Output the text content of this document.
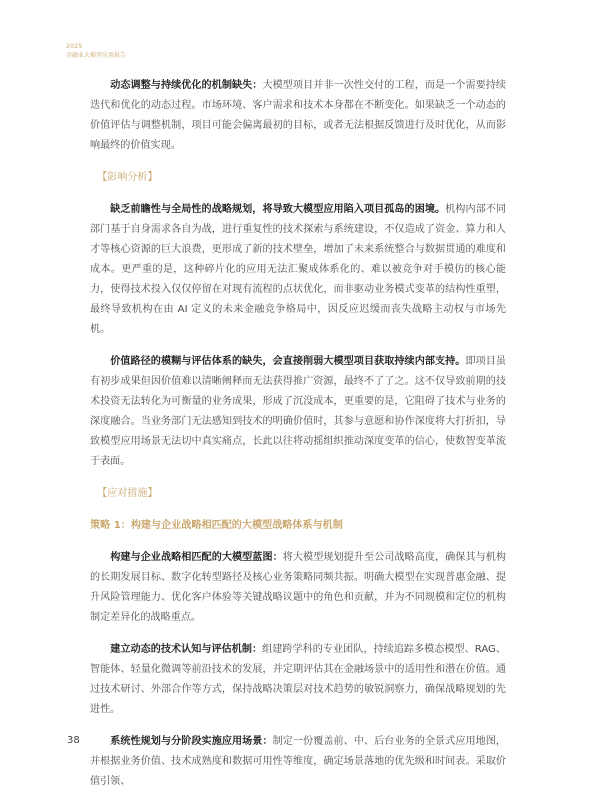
2025
金融业大模型应用报告

动态调整与持续优化的机制缺失：大模型项目并非一次性交付的工程，而是一个需要持续迭代和优化的动态过程。市场环境、客户需求和技术本身都在不断变化。如果缺乏一个动态的价值评估与调整机制，项目可能会偏离最初的目标，或者无法根据反馈进行及时优化，从而影响最终的价值实现。

【影响分析】

缺乏前瞻性与全局性的战略规划，将导致大模型应用陷入项目孤岛的困境。机构内部不同部门基于自身需求各自为战，进行重复性的技术探索与系统建设，不仅造成了资金、算力和人才等核心资源的巨大浪费，更形成了新的技术壁垒，增加了未来系统整合与数据贯通的难度和成本。更严重的是，这种碎片化的应用无法汇聚成体系化的、难以被竞争对手模仿的核心能力，使得技术投入仅仅停留在对现有流程的点状优化，而非驱动业务模式变革的结构性重塑，最终导致机构在由 AI 定义的未来金融竞争格局中，因反应迟缓而丧失战略主动权与市场先机。

价值路径的模糊与评估体系的缺失，会直接削弱大模型项目获取持续内部支持。即项目虽有初步成果但因价值难以清晰阐释而无法获得推广资源，最终不了了之。这不仅导致前期的技术投资无法转化为可衡量的业务成果，形成了沉没成本，更重要的是，它阻碍了技术与业务的深度融合。当业务部门无法感知到技术的明确价值时，其参与意愿和协作深度将大打折扣，导致模型应用场景无法切中真实痛点，长此以往将动摇组织推动深度变革的信心，使数智变革流于表面。

【应对措施】
策略 1：构建与企业战略相匹配的大模型战略体系与机制

构建与企业战略相匹配的大模型蓝图：将大模型规划提升至公司战略高度，确保其与机构的长期发展目标、数字化转型路径及核心业务策略同频共振。明确大模型在实现普惠金融、提升风险管理能力、优化客户体验等关键战略议题中的角色和贡献，并为不同规模和定位的机构制定差异化的战略重点。

建立动态的技术认知与评估机制：组建跨学科的专业团队，持续追踪多模态模型、RAG、智能体、轻量化微调等前沿技术的发展，并定期评估其在金融场景中的适用性和潜在价值。通过技术研讨、外部合作等方式，保持战略决策层对技术趋势的敏锐洞察力，确保战略规划的先进性。

系统性规划与分阶段实施应用场景：制定一份覆盖前、中、后台业务的全景式应用地图，并根据业务价值、技术成熟度和数据可用性等维度，确定场景落地的优先级和时间表。采取价值引领、

38
